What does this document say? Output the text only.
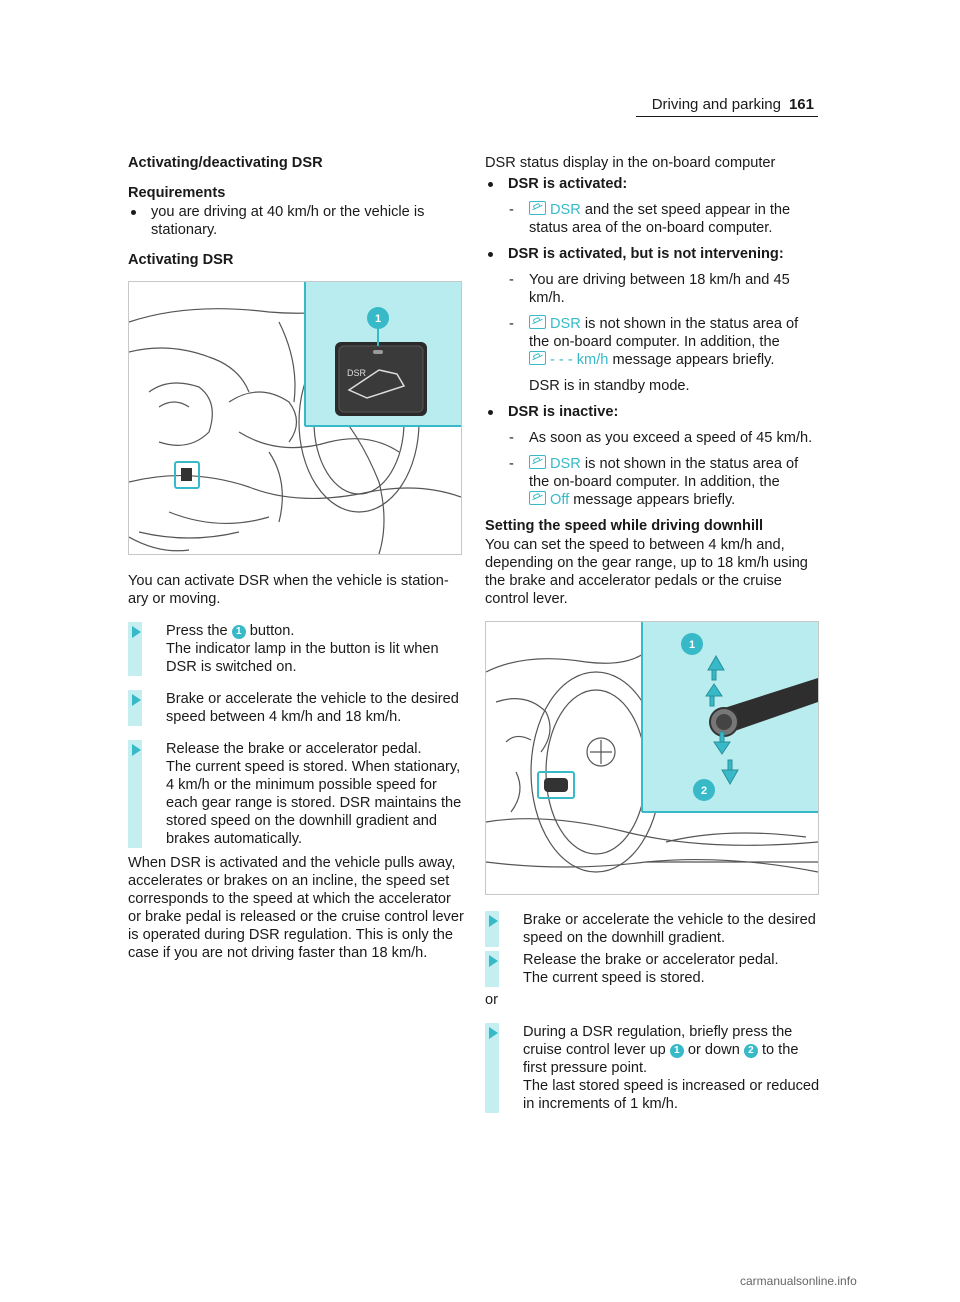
Driving and parking 161
Activating/deactivating DSR
Requirements

you are driving at 40 km/h or the vehicle is stationary.

Activating DSR
DSR
1

You can activate DSR when the vehicle is stationary or moving.

Press the 1 button.
The indicator lamp in the button is lit when DSR is switched on.
Brake or accelerate the vehicle to the desired speed between 4 km/h and 18 km/h.
Release the brake or accelerator pedal.
The current speed is stored. When stationary, 4 km/h or the minimum possible speed for each gear range is stored. DSR maintains the stored speed on the downhill gradient and brakes automatically.

When DSR is activated and the vehicle pulls away, accelerates or brakes on an incline, the speed set corresponds to the speed at which the accelerator or brake pedal is released or the cruise control lever is operated during DSR regulation. This is only the case if you are not driving faster than 18 km/h.

DSR status display in the on-board computer

DSR is activated:

- DSR and the set speed appear in the status area of the on-board computer.

DSR is activated, but is not intervening:

- You are driving between 18 km/h and 45 km/h.

- DSR is not shown in the status area of the on-board computer. In addition, the

- - - km/h message appears briefly.

DSR is in standby mode.

DSR is inactive:

- As soon as you exceed a speed of 45 km/h.

- DSR is not shown in the status area of the on-board computer. In addition, the

Off message appears briefly.

Setting the speed while driving downhill

You can set the speed to between 4 km/h and, depending on the gear range, up to 18 km/h using the brake and accelerator pedals or the cruise control lever.

1
2
Brake or accelerate the vehicle to the desired speed on the downhill gradient.
Release the brake or accelerator pedal.
The current speed is stored.

or

During a DSR regulation, briefly press the cruise control lever up 1 or down 2 to the first pressure point.
The last stored speed is increased or reduced in increments of 1 km/h.
carmanualsonline.info
